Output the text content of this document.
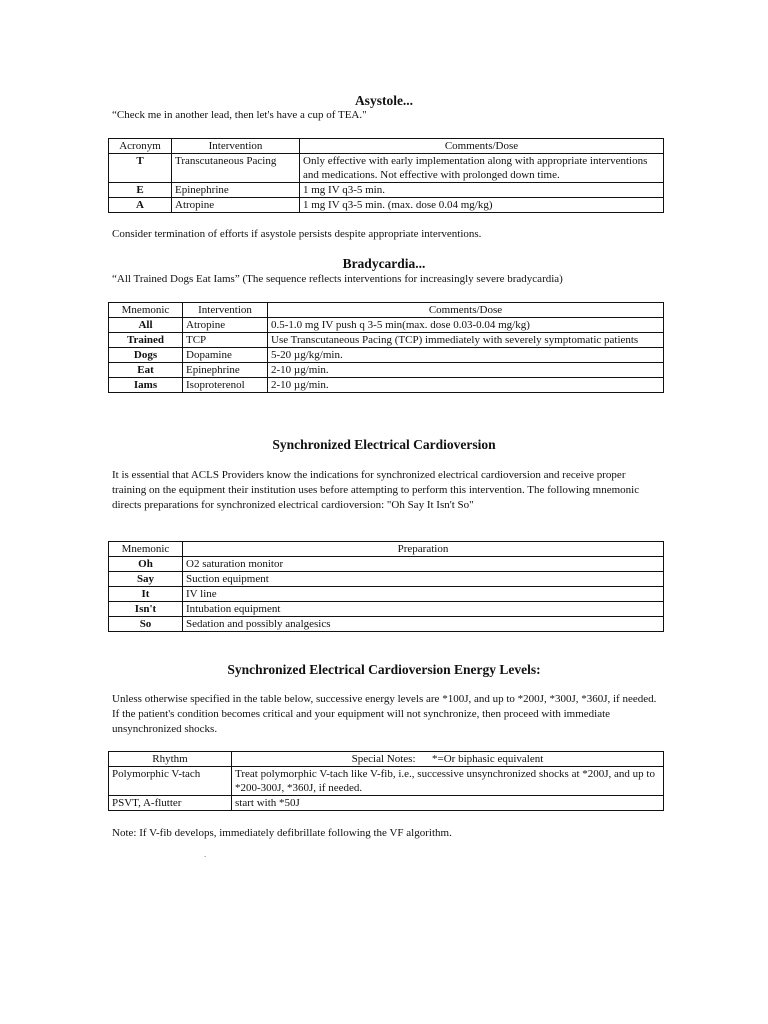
Asystole...
“Check me in another lead, then let's have a cup of TEA."
Acronym	Intervention	Comments/Dose
T	Transcutaneous Pacing	Only effective with early implementation along with appropriate interventions and medications. Not effective with prolonged down time.
E	Epinephrine	1 mg IV q3-5 min.
A	Atropine	1 mg IV q3-5 min. (max. dose 0.04 mg/kg)
Consider termination of efforts if asystole persists despite appropriate interventions.
Bradycardia...
“All Trained Dogs Eat Iams” (The sequence reflects interventions for increasingly severe bradycardia)
Mnemonic	Intervention	Comments/Dose
All	Atropine	0.5-1.0 mg IV push q 3-5 min(max. dose 0.03-0.04 mg/kg)
Trained	TCP	Use Transcutaneous Pacing (TCP) immediately with severely symptomatic patients
Dogs	Dopamine	5-20 µg/kg/min.
Eat	Epinephrine	2-10 µg/min.
Iams	Isoproterenol	2-10 µg/min.
Synchronized Electrical Cardioversion
It is essential that ACLS Providers know the indications for synchronized electrical cardioversion and receive proper training on the equipment their institution uses before attempting to perform this intervention. The following mnemonic directs preparations for synchronized electrical cardioversion: "Oh Say It Isn't So"
Mnemonic	Preparation
Oh	O2 saturation monitor
Say	Suction equipment
It	IV line
Isn't	Intubation equipment
So	Sedation and possibly analgesics
Synchronized Electrical Cardioversion Energy Levels:
Unless otherwise specified in the table below, successive energy levels are *100J, and up to *200J, *300J, *360J, if needed. If the patient's condition becomes critical and your equipment will not synchronize, then proceed with immediate unsynchronized shocks.
Rhythm	Special Notes:      *=Or biphasic equivalent
Polymorphic V-tach	Treat polymorphic V-tach like V-fib, i.e., successive unsynchronized shocks at *200J, and up to *200-300J, *360J, if needed.
PSVT, A-flutter	start with *50J
Note: If V-fib develops, immediately defibrillate following the VF algorithm.
.
